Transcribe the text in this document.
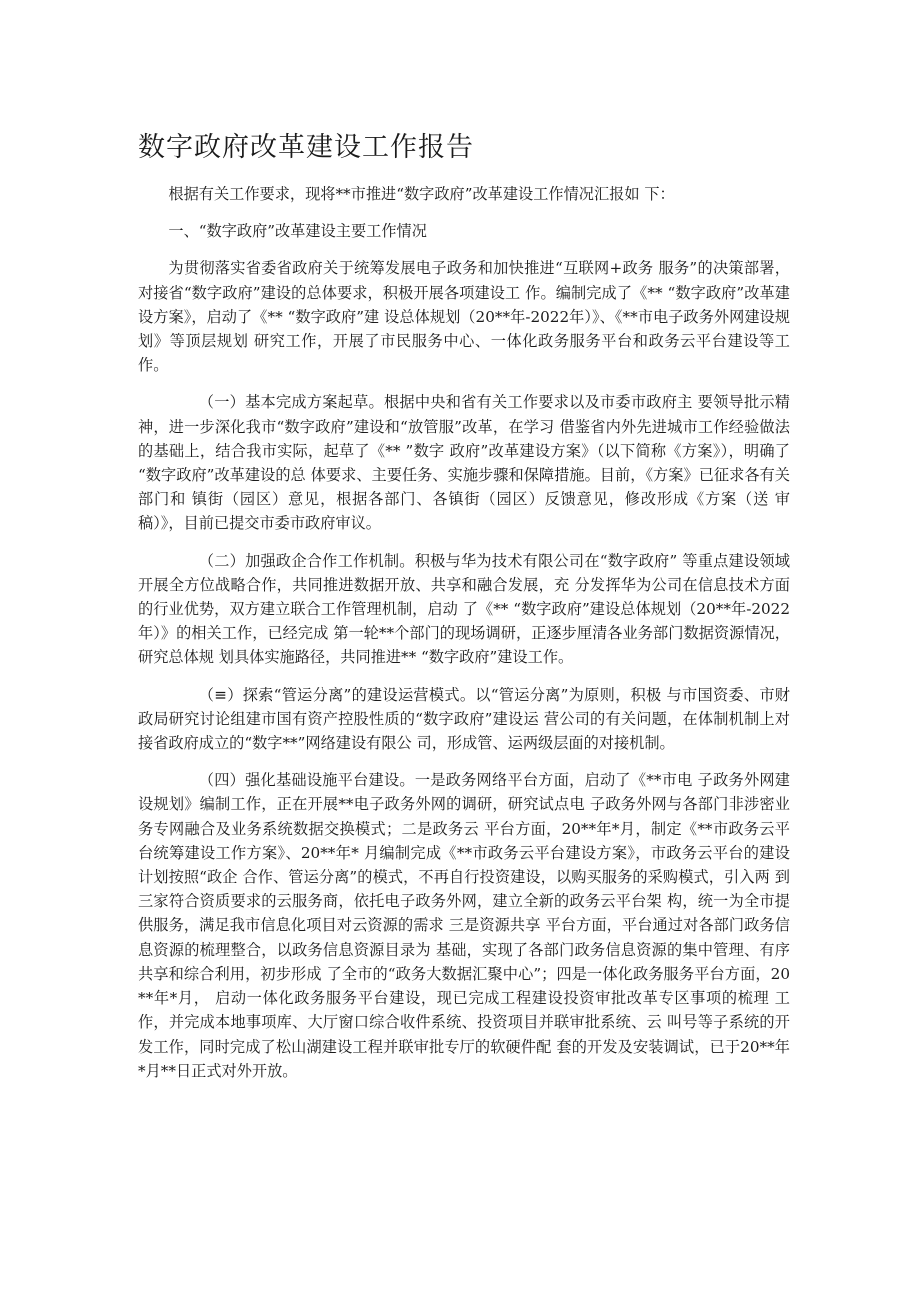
数字政府改革建设工作报告

根据有关工作要求，现将**市推进“数字政府”改革建设工作情况汇报如 下：

一、“数字政府”改革建设主要工作情况

为贯彻落实省委省政府关于统筹发展电子政务和加快推进“互联网+政务 服务”的决策部署，对接省“数字政府”建设的总体要求，积极开展各项建设工 作。编制完成了《** “数字政府”改革建设方案》，启动了《** “数字政府”建 设总体规划（20**年-2022年）》、《**市电子政务外网建设规划》等顶层规划 研究工作，开展了市民服务中心、一体化政务服务平台和政务云平台建设等工作。

（一）基本完成方案起草。根据中央和省有关工作要求以及市委市政府主 要领导批示精神，进一步深化我市“数字政府”建设和“放管服”改革，在学习 借鉴省内外先进城市工作经验做法的基础上，结合我市实际，起草了《** ”数字 政府”改革建设方案》（以下简称《方案》），明确了 “数字政府”改革建设的总 体要求、主要任务、实施步骤和保障措施。目前，《方案》已征求各有关部门和 镇街（园区）意见，根据各部门、各镇街（园区）反馈意见，修改形成《方案（送 审稿）》，目前已提交市委市政府审议。

（二）加强政企合作工作机制。积极与华为技术有限公司在“数字政府” 等重点建设领域开展全方位战略合作，共同推进数据开放、共享和融合发展，充 分发挥华为公司在信息技术方面的行业优势，双方建立联合工作管理机制，启动 了《** “数字政府”建设总体规划（20**年-2022年）》的相关工作，已经完成 第一轮**个部门的现场调研，正逐步厘清各业务部门数据资源情况，研究总体规 划具体实施路径，共同推进** “数字政府”建设工作。

（≡）探索“管运分离”的建设运营模式。以“管运分离”为原则，积极 与市国资委、市财政局研究讨论组建市国有资产控股性质的“数字政府”建设运 营公司的有关问题，在体制机制上对接省政府成立的“数字**”网络建设有限公 司，形成管、运两级层面的对接机制。

（四）强化基础设施平台建设。一是政务网络平台方面，启动了《**市电 子政务外网建设规划》编制工作，正在开展**电子政务外网的调研，研究试点电 子政务外网与各部门非涉密业务专网融合及业务系统数据交换模式；二是政务云 平台方面，20**年*月，制定《**市政务云平台统筹建设工作方案》、20**年* 月编制完成《**市政务云平台建设方案》，市政务云平台的建设计划按照“政企 合作、管运分离”的模式，不再自行投资建设，以购买服务的采购模式，引入两 到三家符合资质要求的云服务商，依托电子政务外网，建立全新的政务云平台架 构，统一为全市提供服务，满足我市信息化项目对云资源的需求 三是资源共享 平台方面，平台通过对各部门政务信息资源的梳理整合，以政务信息资源目录为 基础，实现了各部门政务信息资源的集中管理、有序共享和综合利用，初步形成 了全市的“政务大数据汇聚中心”；四是一体化政务服务平台方面，20**年*月， 启动一体化政务服务平台建设，现已完成工程建设投资审批改革专区事项的梳理 工作，并完成本地事项库、大厅窗口综合收件系统、投资项目并联审批系统、云 叫号等子系统的开发工作，同时完成了松山湖建设工程并联审批专厅的软硬件配 套的开发及安装调试，已于20**年*月**日正式对外开放。
